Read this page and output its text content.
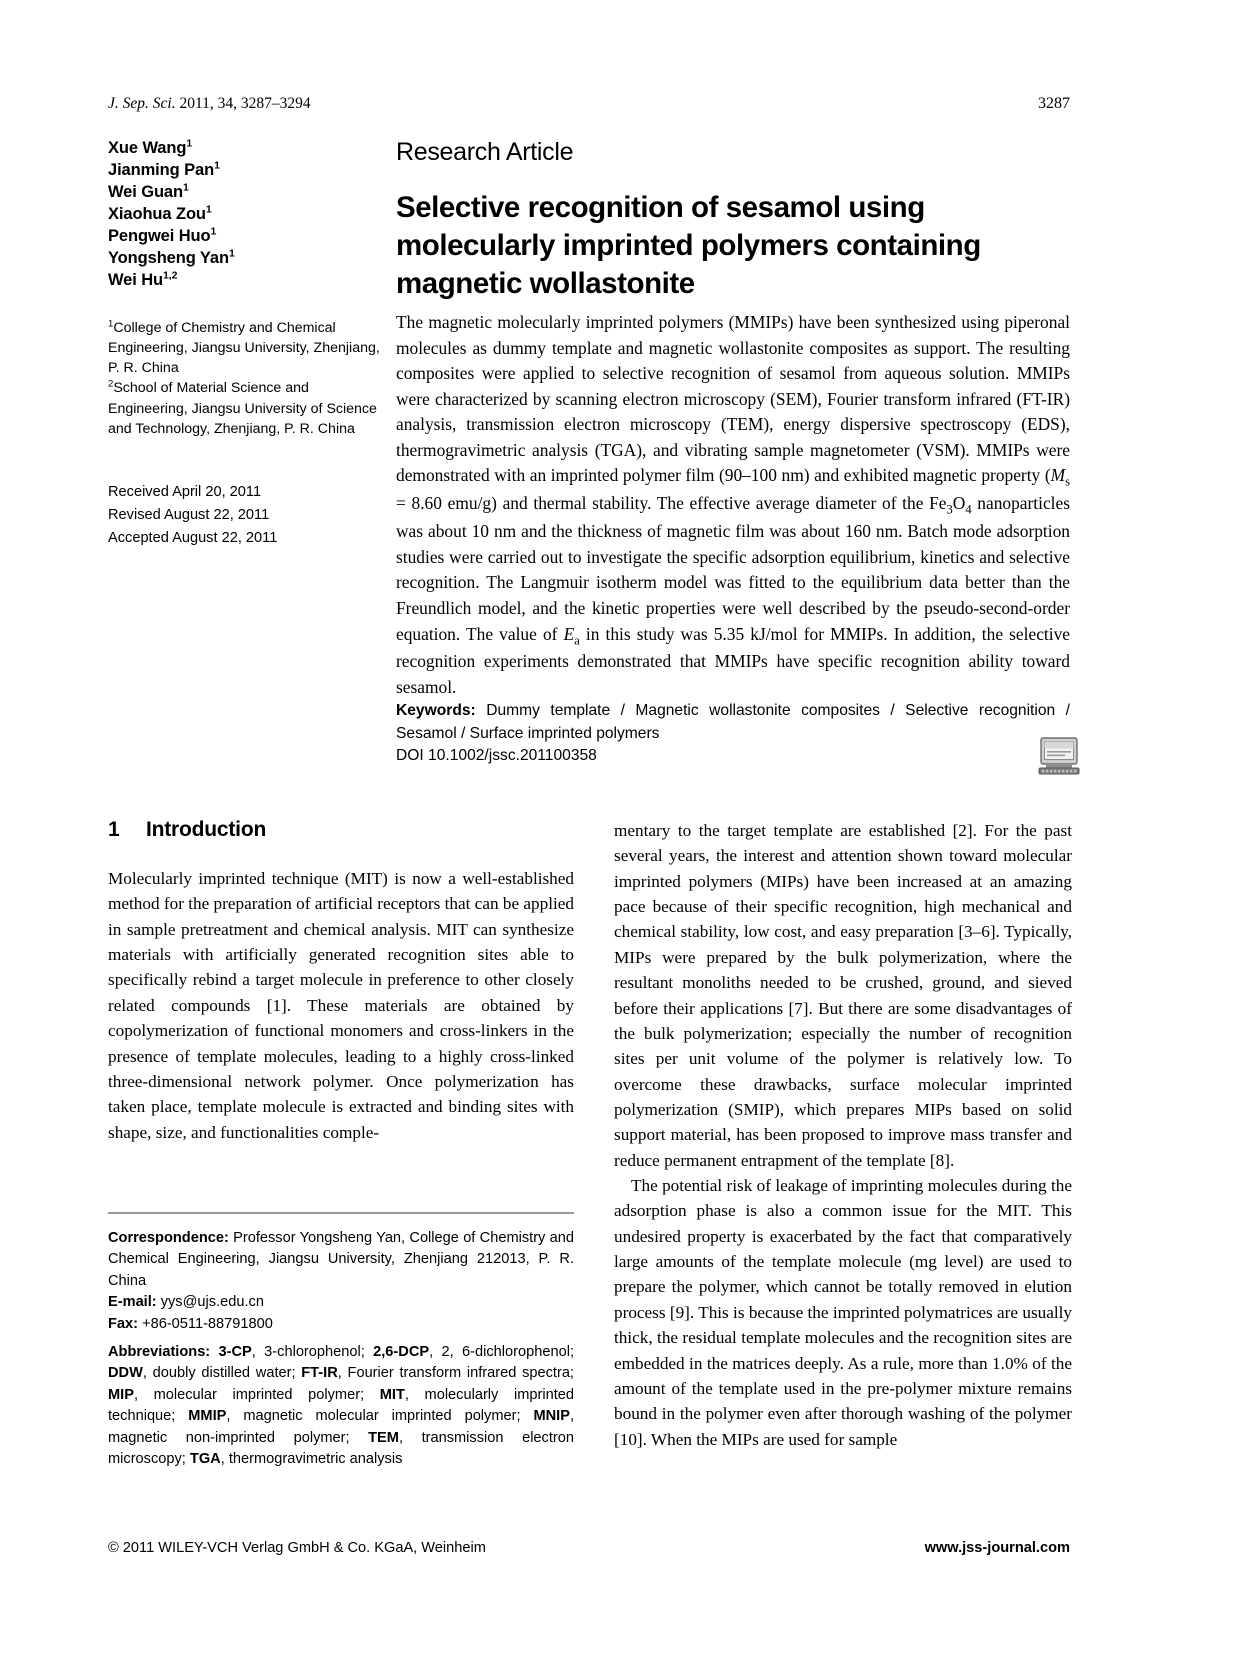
J. Sep. Sci. 2011, 34, 3287–3294	3287
Xue Wang$^1$
Jianming Pan$^1$
Wei Guan$^1$
Xiaohua Zou$^1$
Pengwei Huo$^1$
Yongsheng Yan$^1$
Wei Hu$^{1,2}$
$^1$College of Chemistry and Chemical Engineering, Jiangsu University, Zhenjiang, P. R. China
$^2$School of Material Science and Engineering, Jiangsu University of Science and Technology, Zhenjiang, P. R. China
Received April 20, 2011
Revised August 22, 2011
Accepted August 22, 2011
Research Article
Selective recognition of sesamol using molecularly imprinted polymers containing magnetic wollastonite
The magnetic molecularly imprinted polymers (MMIPs) have been synthesized using piperonal molecules as dummy template and magnetic wollastonite composites as support. The resulting composites were applied to selective recognition of sesamol from aqueous solution. MMIPs were characterized by scanning electron microscopy (SEM), Fourier transform infrared (FT-IR) analysis, transmission electron microscopy (TEM), energy dispersive spectroscopy (EDS), thermogravimetric analysis (TGA), and vibrating sample magnetometer (VSM). MMIPs were demonstrated with an imprinted polymer film (90–100 nm) and exhibited magnetic property ($M_s = 8.60$ emu/g) and thermal stability. The effective average diameter of the $Fe_3O_4$ nanoparticles was about 10 nm and the thickness of magnetic film was about 160 nm. Batch mode adsorption studies were carried out to investigate the specific adsorption equilibrium, kinetics and selective recognition. The Langmuir isotherm model was fitted to the equilibrium data better than the Freundlich model, and the kinetic properties were well described by the pseudo-second-order equation. The value of $E_a$ in this study was 5.35 kJ/mol for MMIPs. In addition, the selective recognition experiments demonstrated that MMIPs have specific recognition ability toward sesamol.
Keywords: Dummy template / Magnetic wollastonite composites / Selective recognition / Sesamol / Surface imprinted polymers
DOI 10.1002/jssc.201100358
1 Introduction

Molecularly imprinted technique (MIT) is now a well-established method for the preparation of artificial receptors that can be applied in sample pretreatment and chemical analysis. MIT can synthesize materials with artificially generated recognition sites able to specifically rebind a target molecule in preference to other closely related compounds [1]. These materials are obtained by copolymerization of functional monomers and cross-linkers in the presence of template molecules, leading to a highly cross-linked three-dimensional network polymer. Once polymerization has taken place, template molecule is extracted and binding sites with shape, size, and functionalities comple-

mentary to the target template are established [2]. For the past several years, the interest and attention shown toward molecular imprinted polymers (MIPs) have been increased at an amazing pace because of their specific recognition, high mechanical and chemical stability, low cost, and easy preparation [3–6]. Typically, MIPs were prepared by the bulk polymerization, where the resultant monoliths needed to be crushed, ground, and sieved before their applications [7]. But there are some disadvantages of the bulk polymerization; especially the number of recognition sites per unit volume of the polymer is relatively low. To overcome these drawbacks, surface molecular imprinted polymerization (SMIP), which prepares MIPs based on solid support material, has been proposed to improve mass transfer and reduce permanent entrapment of the template [8].

The potential risk of leakage of imprinting molecules during the adsorption phase is also a common issue for the MIT. This undesired property is exacerbated by the fact that comparatively large amounts of the template molecule (mg level) are used to prepare the polymer, which cannot be totally removed in elution process [9]. This is because the imprinted polymatrices are usually thick, the residual template molecules and the recognition sites are embedded in the matrices deeply. As a rule, more than 1.0% of the amount of the template used in the pre-polymer mixture remains bound in the polymer even after thorough washing of the polymer [10]. When the MIPs are used for sample

Correspondence: Professor Yongsheng Yan, College of Chemistry and Chemical Engineering, Jiangsu University, Zhenjiang 212013, P. R. China

E-mail: yys@ujs.edu.cn

Fax: +86-0511-88791800

Abbreviations: 3-CP, 3-chlorophenol; 2,6-DCP, 2, 6-dichlorophenol; DDW, doubly distilled water; FT-IR, Fourier transform infrared spectra; MIP, molecular imprinted polymer; MIT, molecularly imprinted technique; MMIP, magnetic molecular imprinted polymer; MNIP, magnetic non-imprinted polymer; TEM, transmission electron microscopy; TGA, thermogravimetric analysis
© 2011 WILEY-VCH Verlag GmbH & Co. KGaA, Weinheim	www.jss-journal.com
